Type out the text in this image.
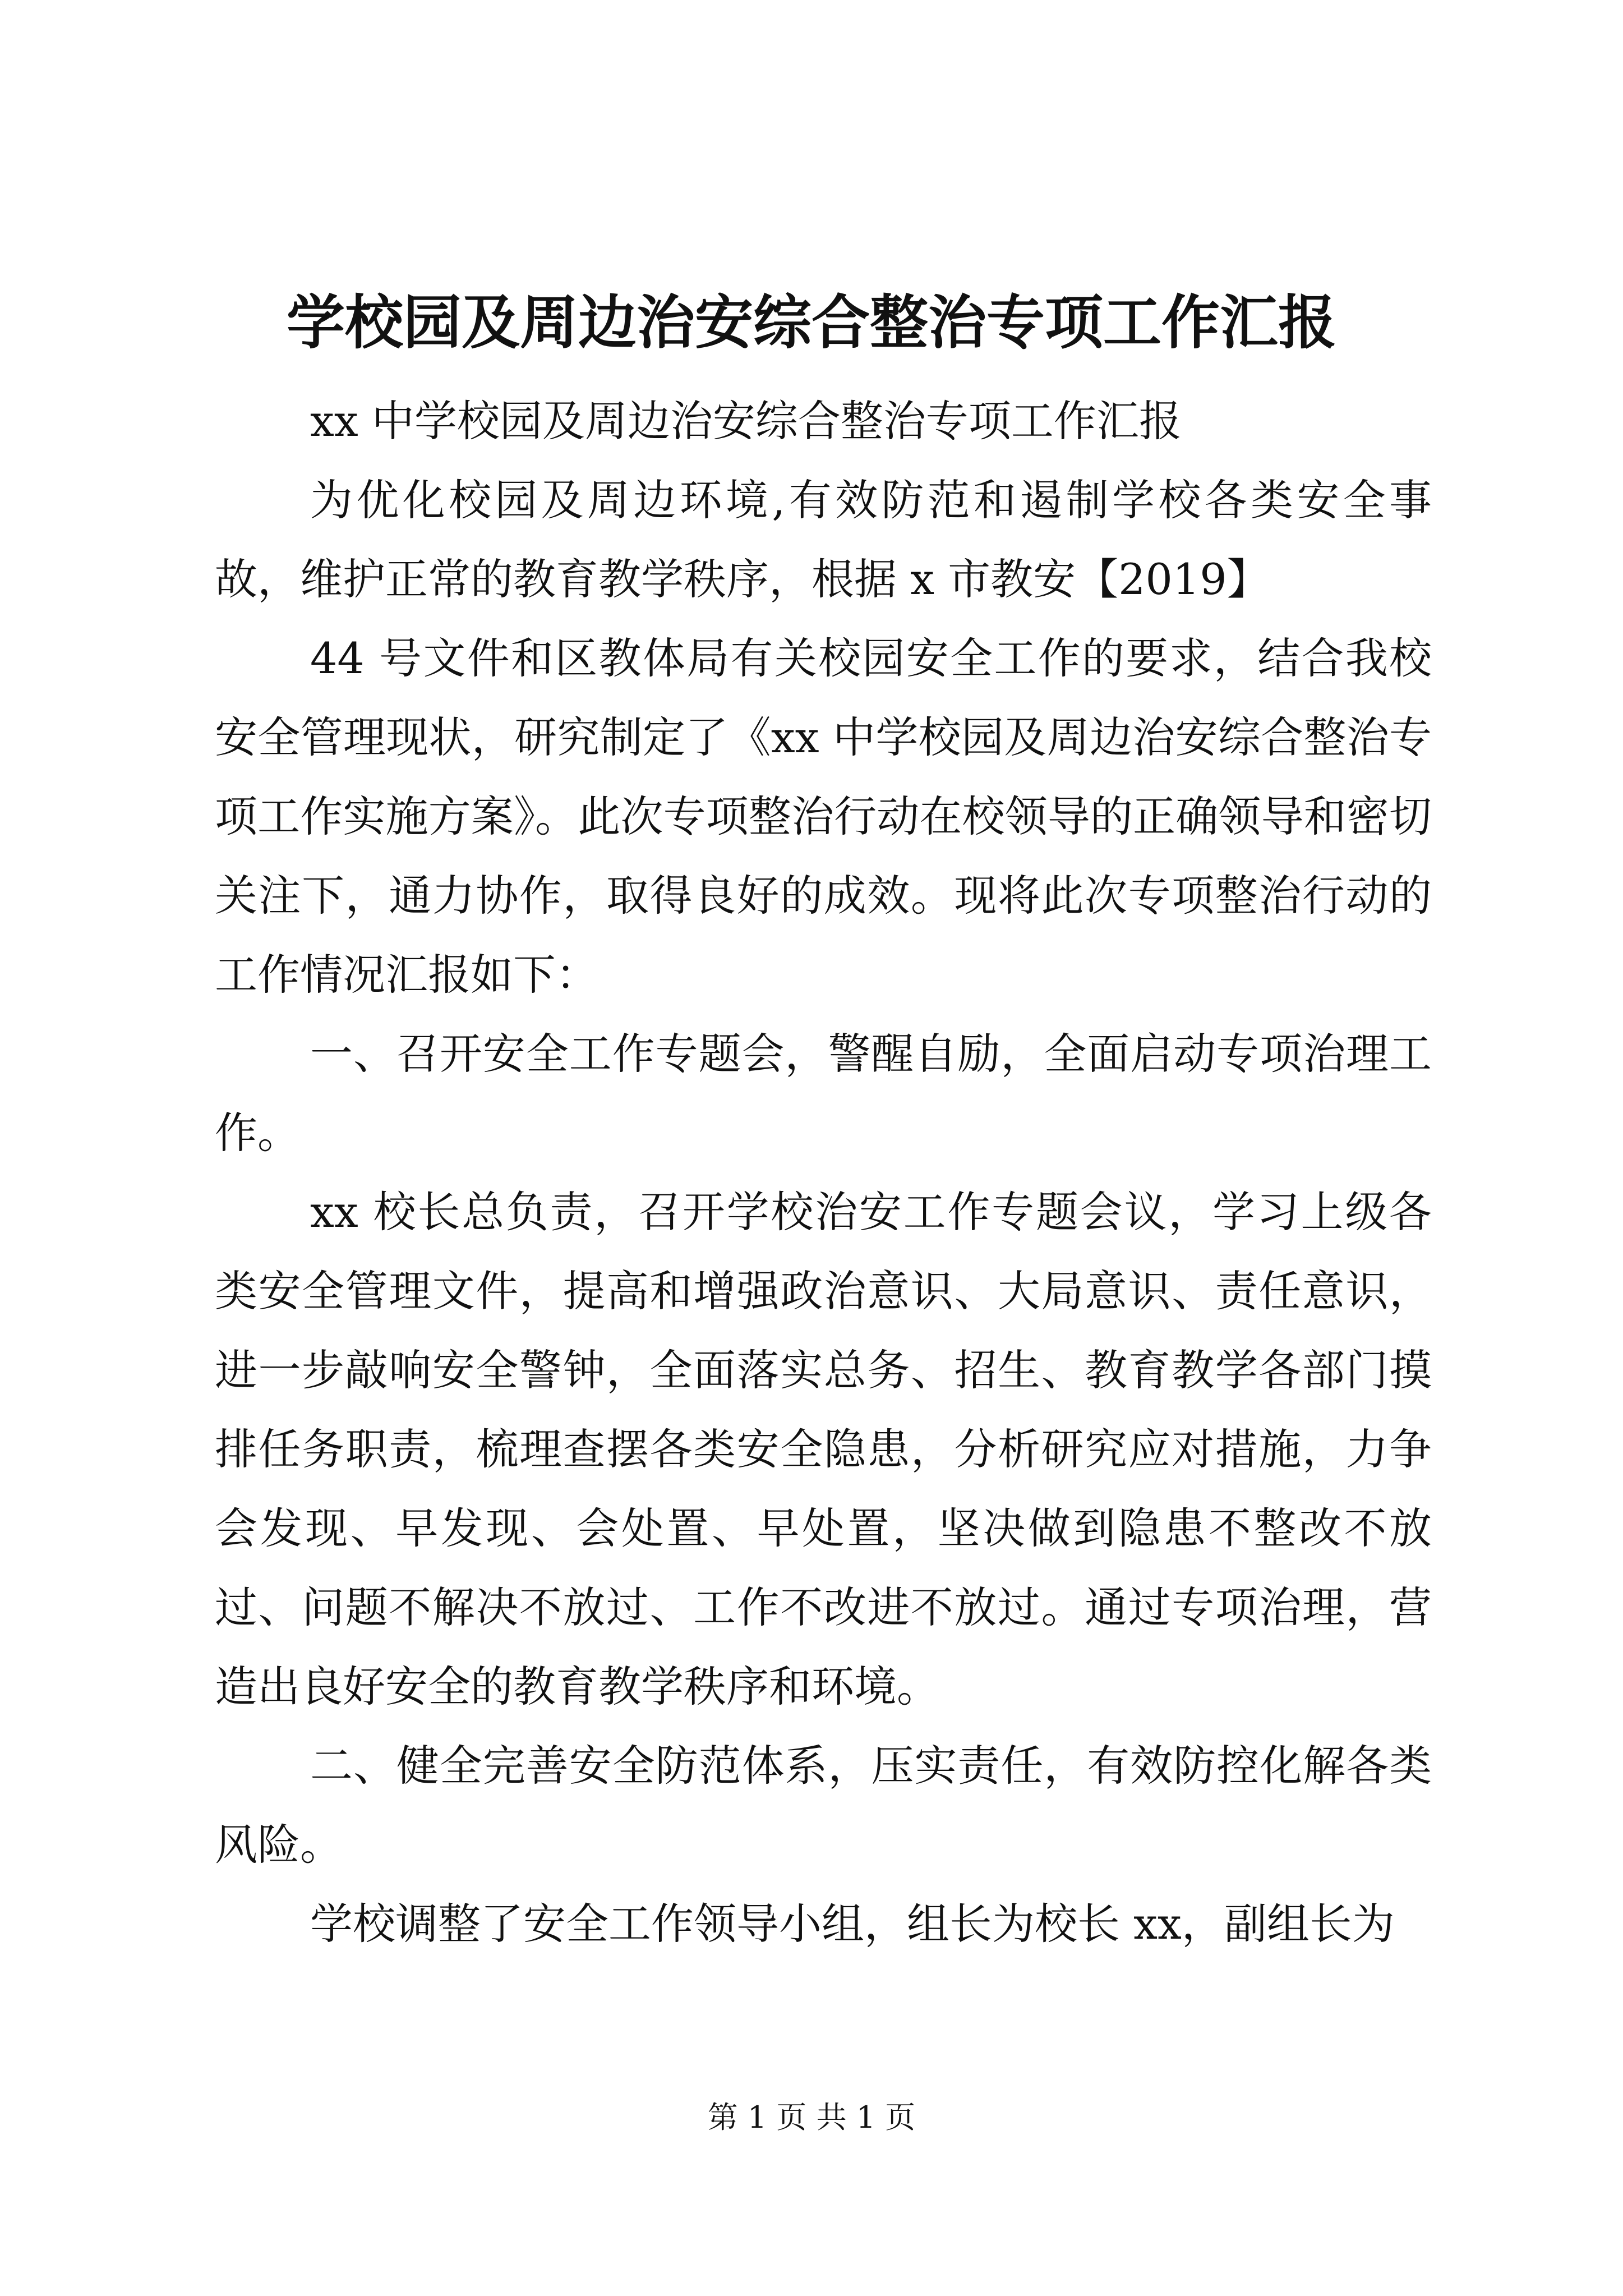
学校园及周边治安综合整治专项工作汇报

xx 中学校园及周边治安综合整治专项工作汇报

为优化校园及周边环境,有效防范和遏制学校各类安全事故，维护正常的教育教学秩序，根据 x 市教安【2019】

44 号文件和区教体局有关校园安全工作的要求，结合我校安全管理现状，研究制定了《xx 中学校园及周边治安综合整治专项工作实施方案》。此次专项整治行动在校领导的正确领导和密切关注下，通力协作，取得良好的成效。现将此次专项整治行动的工作情况汇报如下：

一、召开安全工作专题会，警醒自励，全面启动专项治理工作。

xx 校长总负责，召开学校治安工作专题会议，学习上级各类安全管理文件，提高和增强政治意识、大局意识、责任意识，进一步敲响安全警钟，全面落实总务、招生、教育教学各部门摸排任务职责，梳理查摆各类安全隐患，分析研究应对措施，力争会发现、早发现、会处置、早处置，坚决做到隐患不整改不放过、问题不解决不放过、工作不改进不放过。通过专项治理，营造出良好安全的教育教学秩序和环境。

二、健全完善安全防范体系，压实责任，有效防控化解各类风险。

学校调整了安全工作领导小组，组长为校长 xx，副组长为

第 1 页 共 1 页
